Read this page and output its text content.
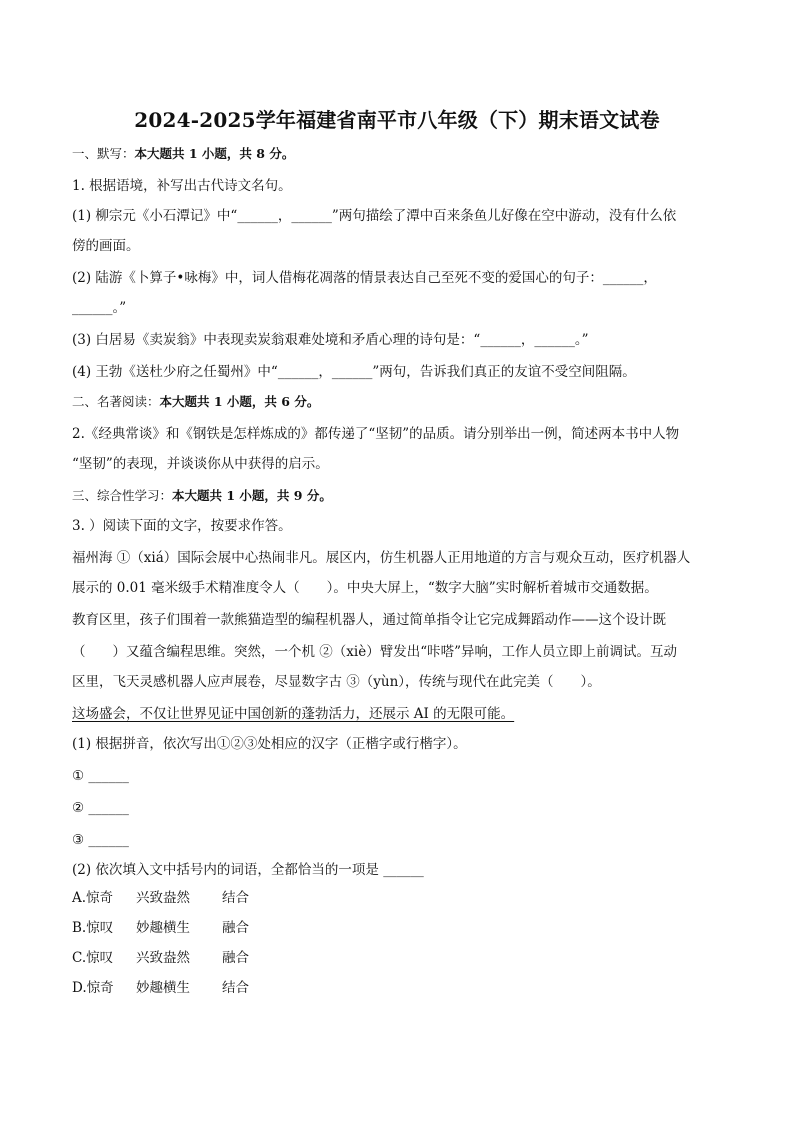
2024-2025学年福建省南平市八年级（下）期末语文试卷
一、默写：本大题共 1 小题，共 8 分。
1. 根据语境，补写出古代诗文名句。
(1) 柳宗元《小石潭记》中“______，______”两句描绘了潭中百来条鱼儿好像在空中游动，没有什么依
傍的画面。
(2) 陆游《卜算子•咏梅》中，词人借梅花凋落的情景表达自己至死不变的爱国心的句子：______，
______。”
(3) 白居易《卖炭翁》中表现卖炭翁艰难处境和矛盾心理的诗句是：“______，______。”
(4) 王勃《送杜少府之任蜀州》中“______，______”两句，告诉我们真正的友谊不受空间阻隔。
二、名著阅读：本大题共 1 小题，共 6 分。
2.《经典常谈》和《钢铁是怎样炼成的》都传递了“坚韧”的品质。请分别举出一例，简述两本书中人物
“坚韧”的表现，并谈谈你从中获得的启示。
三、综合性学习：本大题共 1 小题，共 9 分。
3. ）阅读下面的文字，按要求作答。
福州海 ①（xiá）国际会展中心热闹非凡。展区内，仿生机器人正用地道的方言与观众互动，医疗机器人
展示的 0.01 毫米级手术精准度令人（　　）。中央大屏上，“数字大脑”实时解析着城市交通数据。
教育区里，孩子们围着一款熊猫造型的编程机器人，通过简单指令让它完成舞蹈动作——这个设计既
（　　）又蕴含编程思维。突然，一个机 ②（xiè）臂发出“咔嗒”异响，工作人员立即上前调试。互动
区里，飞天灵感机器人应声展卷，尽显数字古 ③（yùn），传统与现代在此完美（　　）。
这场盛会，不仅让世界见证中国创新的蓬勃活力，还展示 AI 的无限可能。
(1) 根据拼音，依次写出①②③处相应的汉字（正楷字或行楷字）。
① ______
② ______
③ ______
(2) 依次填入文中括号内的词语，全都恰当的一项是 ______
A.惊奇 兴致盎然 结合
B.惊叹 妙趣横生 融合
C.惊叹 兴致盎然 融合
D.惊奇 妙趣横生 结合
